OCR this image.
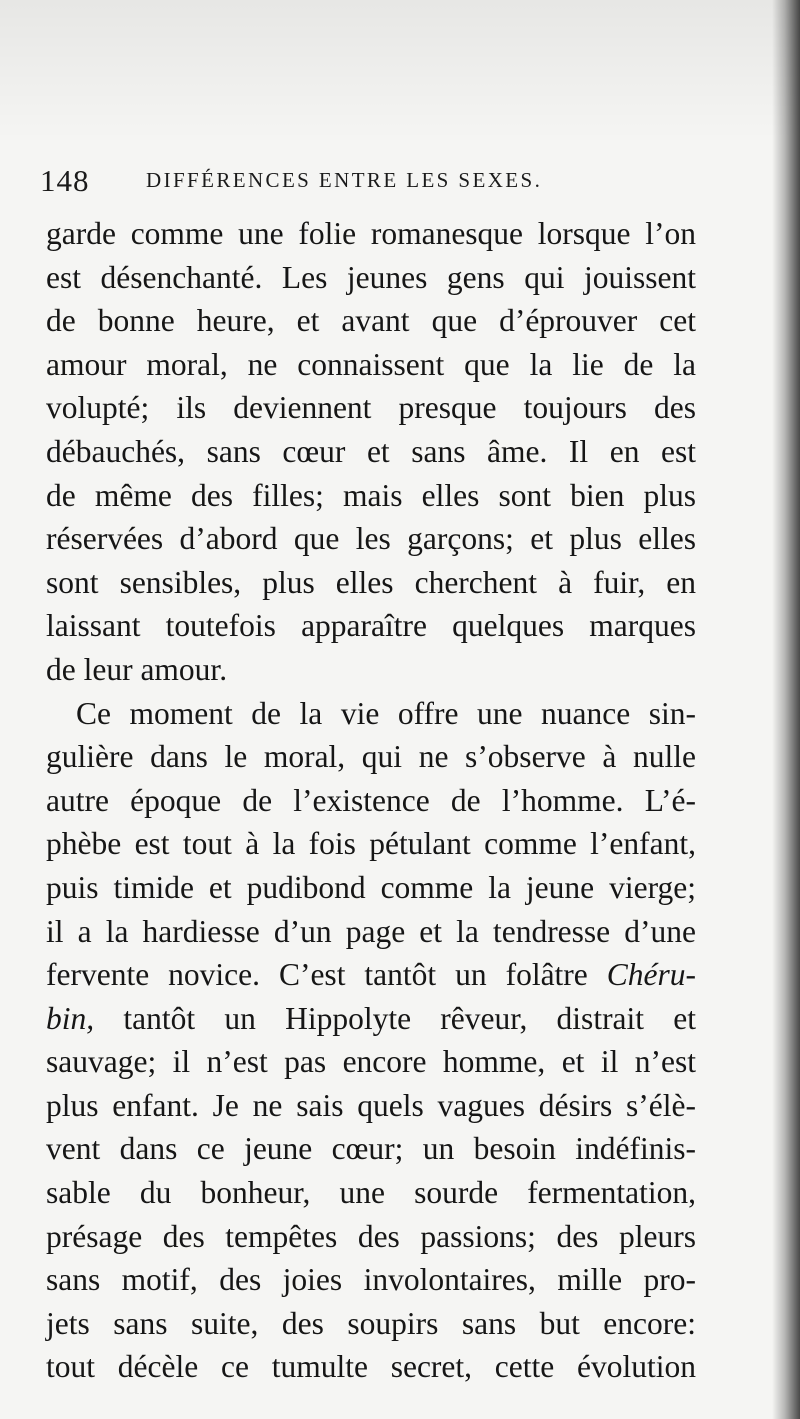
148	DIFFÉRENCES ENTRE LES SEXES.
garde comme une folie romanesque lorsque l’on
est désenchanté. Les jeunes gens qui jouissent
de bonne heure, et avant que d’éprouver cet
amour moral, ne connaissent que la lie de la
volupté; ils deviennent presque toujours des
débauchés, sans cœur et sans âme. Il en est
de même des filles; mais elles sont bien plus
réservées d’abord que les garçons; et plus elles
sont sensibles, plus elles cherchent à fuir, en
laissant toutefois apparaître quelques marques
de leur amour.
Ce moment de la vie offre une nuance sin-
gulière dans le moral, qui ne s’observe à nulle
autre époque de l’existence de l’homme. L’é-
phèbe est tout à la fois pétulant comme l’enfant,
puis timide et pudibond comme la jeune vierge;
il a la hardiesse d’un page et la tendresse d’une
fervente novice. C’est tantôt un folâtre Chéru-
bin, tantôt un Hippolyte rêveur, distrait et
sauvage; il n’est pas encore homme, et il n’est
plus enfant. Je ne sais quels vagues désirs s’élè-
vent dans ce jeune cœur; un besoin indéfinis-
sable du bonheur, une sourde fermentation,
présage des tempêtes des passions; des pleurs
sans motif, des joies involontaires, mille pro-
jets sans suite, des soupirs sans but encore:
tout décèle ce tumulte secret, cette évolution
